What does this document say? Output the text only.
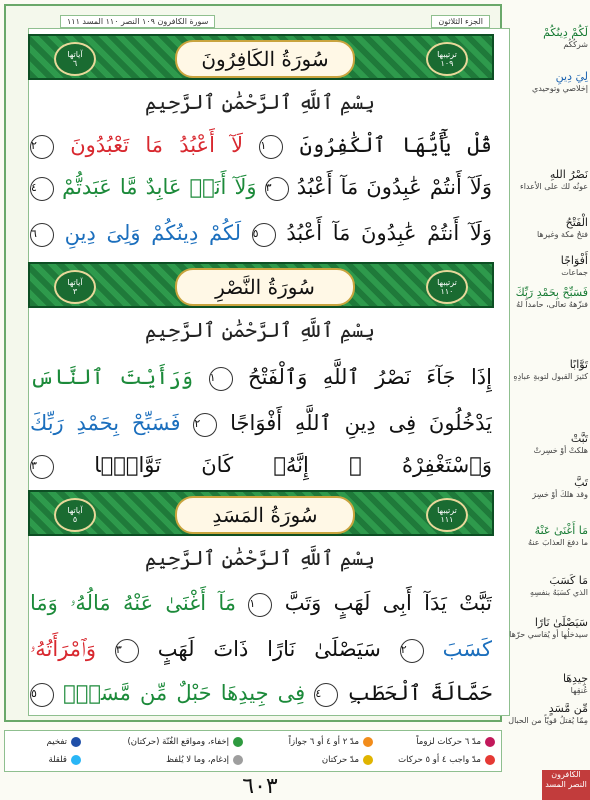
سورة الكافرون ١٠٩ النصر ١١٠ المسد ١١١	الجزء الثلاثون
آياتها
٦	سُورَةُ الكَافِرُونَ	ترتيبها
١٠٩
بِسْمِ ٱللَّهِ ٱلرَّحْمَٰنِ ٱلرَّحِيمِ
قُلْ يَٰٓأَيُّهَا ٱلْكَٰفِرُونَ ١ لَآ أَعْبُدُ مَا تَعْبُدُونَ ٢
وَلَآ أَنتُمْ عَٰبِدُونَ مَآ أَعْبُدُ ٣ وَلَآ أَنَا۠ عَابِدٌ مَّا عَبَدتُّمْ ٤
وَلَآ أَنتُمْ عَٰبِدُونَ مَآ أَعْبُدُ ٥ لَكُمْ دِينُكُمْ وَلِىَ دِينِ ٦
آياتها
٣	سُورَةُ النَّصْرِ	ترتيبها
١١٠
بِسْمِ ٱللَّهِ ٱلرَّحْمَٰنِ ٱلرَّحِيمِ
إِذَا جَآءَ نَصْرُ ٱللَّهِ وَٱلْفَتْحُ ١ وَرَأَيْتَ ٱلنَّاسَ
يَدْخُلُونَ فِى دِينِ ٱللَّهِ أَفْوَاجًا ٢ فَسَبِّحْ بِحَمْدِ رَبِّكَ
وَٱسْتَغْفِرْهُ ۚ إِنَّهُۥ كَانَ تَوَّابًۢا ٣
آياتها
٥	سُورَةُ المَسَدِ	ترتيبها
١١١
بِسْمِ ٱللَّهِ ٱلرَّحْمَٰنِ ٱلرَّحِيمِ
تَبَّتْ يَدَآ أَبِى لَهَبٍ وَتَبَّ ١ مَآ أَغْنَىٰ عَنْهُ مَالُهُۥ وَمَا
كَسَبَ ٢ سَيَصْلَىٰ نَارًا ذَاتَ لَهَبٍ ٣ وَٱمْرَأَتُهُۥ
حَمَّالَةَ ٱلْحَطَبِ ٤ فِى جِيدِهَا حَبْلٌ مِّن مَّسَدٍۭ ٥
لَكُمْ دِينُكُمْ
شركُكُم
لِيَ دِينِ
إخلاصي وتوحيدي
نَصْرُ اللهِ
عونُه لك على الأعداء
الْفَتْحُ
فتحُ مكة وغيرها
أَفْوَاجًا
جماعات
فَسَبِّحْ بِحَمْدِ رَبِّكَ
فنزّههُ تعالى، حامداً لهُ
تَوَّابًا
كثيرَ القبول لتوبةِ عبادِهِ
تَبَّتْ
هلكتْ أوْ خسِرتْ
تَبَّ
وقد هلكَ أوْ خسِرَ
مَا أَغْنَىٰ عَنْهُ
ما دفعَ العذابَ عنهُ
مَا كَسَبَ
الذي كسَبَهُ بنفسِهِ
سَيَصْلَىٰ نَارًا
سيدخلُها أو يُقاسي حرّها
جِيدِهَا
عُنقِها
مِّن مَّسَدٍ
مِمّا يُفتلُ قويّاً من الحبال
الكافرون النصر المسد
مدّ ٦ حركات لزوماً
مدّ ٢ أو ٤ أو ٦ جوازاً
إخفاء، ومواقع الغُنّة (حركتان)
تفخيم
مدّ واجب ٤ أو ٥ حركات
مدّ حركتان
إدغام، وما لا يُلفظ
قلقلة
٦٠٣
